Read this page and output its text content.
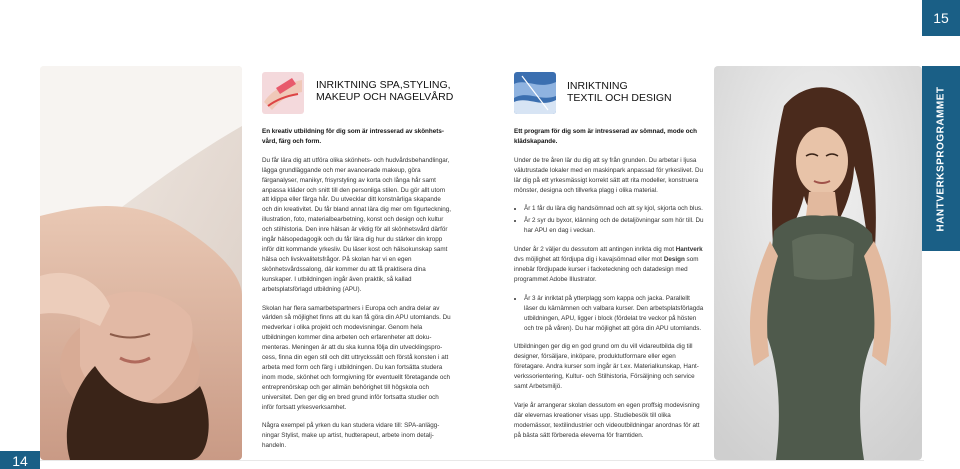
15
HANTVERKSPROGRAMMET
14
INRIKTNING SPA,STYLING,
MAKEUP OCH NAGELVÅRD

En kreativ utbildning för dig som är intresserad av skönhetsvård, färg och form.

Du får lära dig att utföra olika skönhets- och hudvårdsbehandlingar, lägga grundläggande och mer avancerade makeup, göra färganalyser, manikyr, frisyrstyling av korta och långa hår samt anpassa kläder och snitt till den personliga stilen. Du gör allt utom att klippa eller färga hår. Du utvecklar ditt konstnärliga skapande och din kreativitet. Du får bland annat lära dig mer om figurteckning, illustration, foto, materialbearbetning, konst och design och kultur och stilhistoria. Den inre hälsan är viktig för all skönhetsvård därför ingår hälsopedagogik och du får lära dig hur du stärker din kropp inför ditt kommande yrkesliv. Du läser kost och hälsokunskap samt hälsa och livskvalitetsfrågor. På skolan har vi en egen skönhetsvårdssalong, där kommer du att få praktisera dina kunskaper. I utbildningen ingår även praktik, så kallad arbetsplatsförlagd utbildning (APU).

Skolan har flera samarbetspartners i Europa och andra delar av världen så möjlighet finns att du kan få göra din APU utomlands. Du medverkar i olika projekt och modevisningar. Genom hela utbildningen kommer dina arbeten och erfarenheter att dokumenteras. Meningen är att du ska kunna följa din utvecklingsprocess, finna din egen stil och ditt uttryckssätt och förstå konsten i att arbeta med form och färg i utbildningen. Du kan fortsätta studera inom mode, skönhet och formgivning för eventuellt företagande och entreprenörskap och ger allmän behörighet till högskola och universitet. Den ger dig en bred grund inför fortsatta studier och inför fortsatt yrkesverksamhet.

Några exempel på yrken du kan studera vidare till: SPA-anläggningar Stylist, make up artist, hudterapeut, arbete inom detaljhandeln.

INRIKTNING
TEXTIL OCH DESIGN

Ett program för dig som är intresserad av sömnad, mode och klädskapande.

Under de tre åren lär du dig att sy från grunden. Du arbetar i ljusa välutrustade lokaler med en maskinpark anpassad för yrkeslivet. Du lär dig på ett yrkesmässigt korrekt sätt att rita modeller, konstruera mönster, designa och tillverka plagg i olika material.

• År 1 får du lära dig handsömnad och att sy kjol, skjorta och blus.
• År 2 syr du byxor, klänning och de detaljövningar som hör till. Du har APU en dag i veckan.

Under år 2 väljer du dessutom att antingen inrikta dig mot Hantverk dvs möjlighet att fördjupa dig i kavajsömnad eller mot Design som innebär fördjupade kurser i facketeckning och datadesign med programmet Adobe Illustrator.

• År 3 är inriktat på ytterplagg som kappa och jacka. Parallellt läser du kärnämnen och valbara kurser. Den arbetsplatsförlagda utbildningen, APU, ligger i block (fördelat tre veckor på hösten och tre på våren). Du har möjlighet att göra din APU utomlands.

Utbildningen ger dig en god grund om du vill vidareutbilda dig till designer, försäljare, inköpare, produktutformare eller egen företagare. Andra kurser som ingår är t.ex. Materialkunskap, Hantverkssorientering, Kultur- och Stilhistoria, Försäljning och service samt Arbetsmiljö.

Varje år arrangerar skolan dessutom en egen proffsig modevisning där elevernas kreationer visas upp. Studiebesök till olika modemässor, textilindustrier och videoutbildningar anordnas för att på bästa sätt förbereda eleverna för framtiden.
